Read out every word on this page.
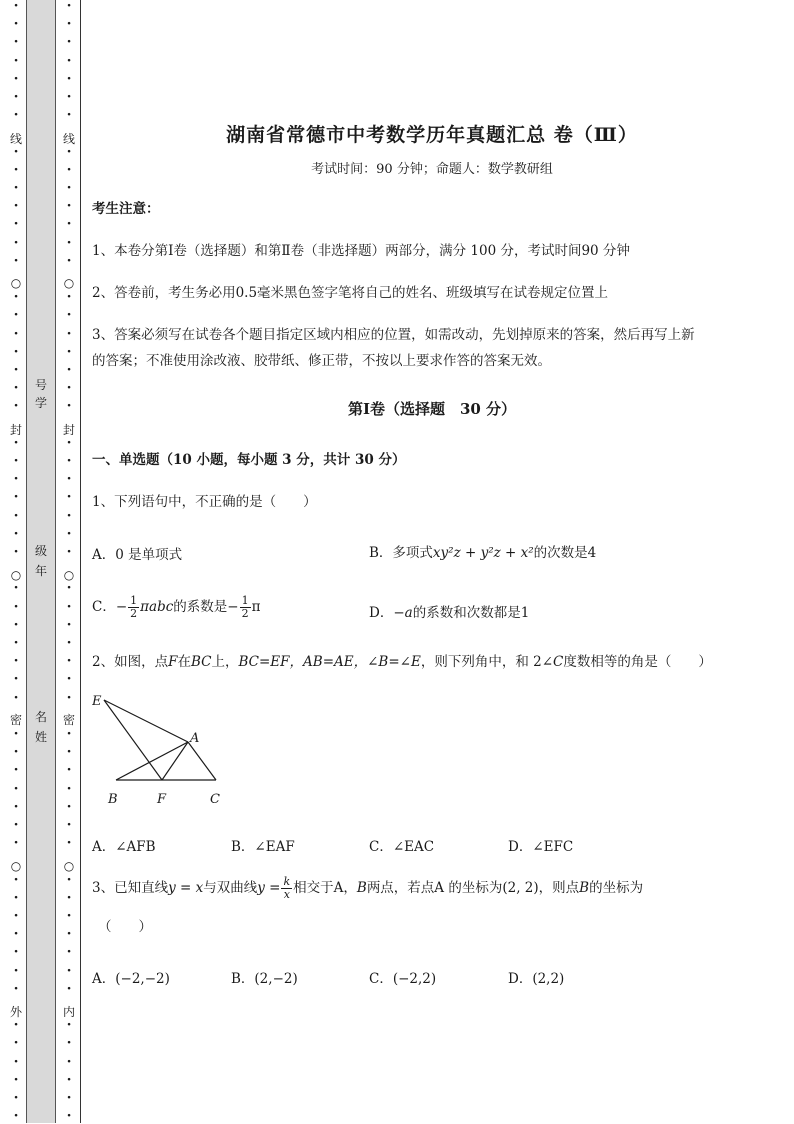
·
·
·
·
·
·
·
·
·
·
·
·
·
·
·
·
·
·
·
·
·
·
·
·
·
·
·
·
·
·
·
·
·
·
·
·
·
·
·
·
·
·
·
·
·
·
·
·
·
·
·
·
·
·
·
线
○
封
○
密
○
外
号
学
级
年
名
姓
·
·
·
·
·
·
·
·
·
·
·
·
·
·
·
·
·
·
·
·
·
·
·
·
·
·
·
·
·
·
·
·
·
·
·
·
·
·
·
·
·
·
·
·
·
·
·
·
·
·
·
·
·
·
·
线
○
封
○
密
○
内
湖南省常德市中考数学历年真题汇总 卷（Ⅲ）
考试时间：90 分钟；命题人：数学教研组
考生注意：
1、本卷分第Ⅰ卷（选择题）和第Ⅱ卷（非选择题）两部分，满分 100 分，考试时间90 分钟
2、答卷前，考生务必用0.5毫米黑色签字笔将自己的姓名、班级填写在试卷规定位置上
3、答案必须写在试卷各个题目指定区域内相应的位置，如需改动，先划掉原来的答案，然后再写上新
的答案；不准使用涂改液、胶带纸、修正带，不按以上要求作答的答案无效。
第Ⅰ卷（选择题　30 分）
一、单选题（10 小题，每小题 3 分，共计 30 分）
1、下列语句中，不正确的是（　　）
A．0 是单项式	B．多项式xy²z + y²z + x²的次数是4
C．− $\frac{1}{2}$ πabc的系数是− $\frac{1}{2}$ π	D．−a的系数和次数都是1
2、如图，点F在BC上，BC=EF，AB=AE，∠B=∠E，则下列角中，和 2∠C度数相等的角是（　　）
E
A
B	F	C
A．∠AFB	B．∠EAF	C．∠EAC	D．∠EFC
3、已知直线y = x与双曲线$y = \frac{k}{x}$ 相交于A，B两点，若点A 的坐标为(2, 2)，则点B的坐标为
（　　）
A．(−2,−2)	B．(2,−2)	C．(−2,2)	D．(2,2)
